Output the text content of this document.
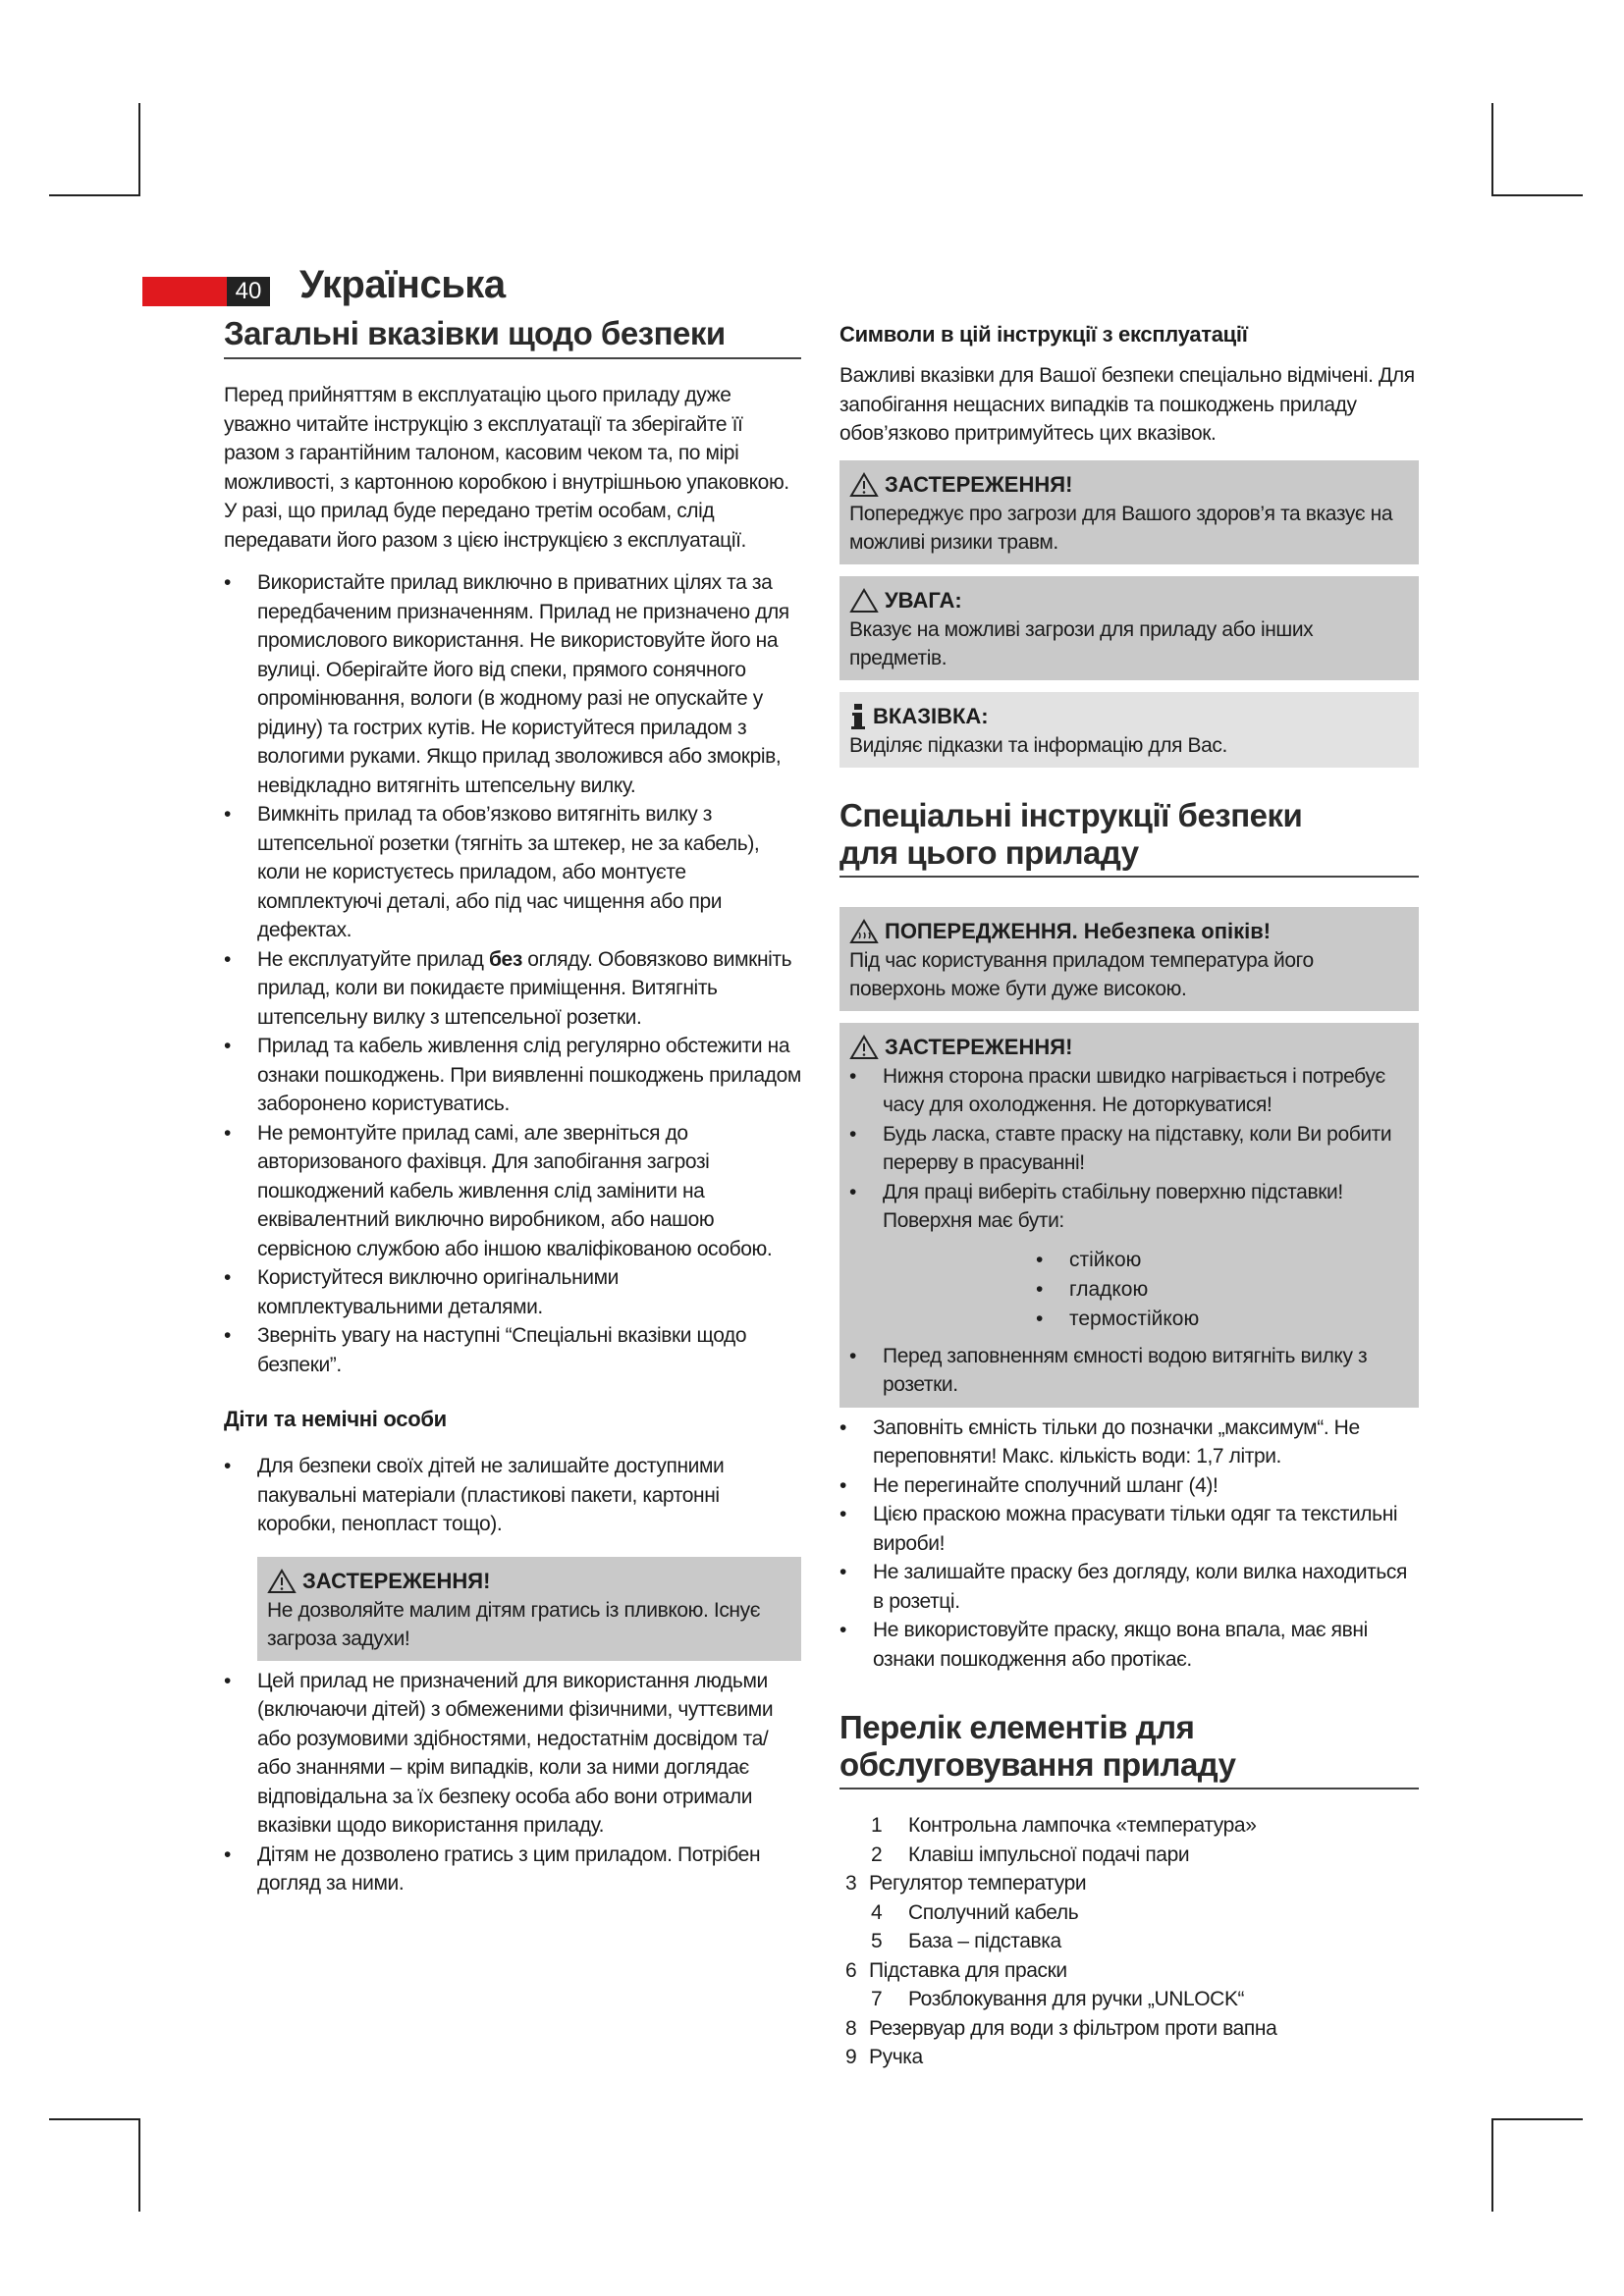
40 Українська
Загальні вказівки щодо безпеки

Перед прийняттям в експлуатацію цього приладу дуже уважно читайте інструкцію з експлуатації та зберігайте її разом з гарантійним талоном, касовим чеком та, по мірі можливості, з картонною коробкою і внутрішньою упаковкою. У разі, що прилад буде передано третім особам, слід передавати його разом з цією інструкцією з експлуатації.

• Використайте прилад виключно в приватних цілях та за передбаченим призначенням. Прилад не призначено для промислового використання. Не використовуйте його на вулиці. Оберігайте його від спеки, прямого сонячного опромінювання, вологи (в жодному разі не опускайте у рідину) та гострих кутів. Не користуйтеся приладом з вологими руками. Якщо прилад зволожився або змокрів, невідкладно витягніть штепсельну вилку.
• Вимкніть прилад та обов’язково витягніть вилку з штепсельної розетки (тягніть за штекер, не за кабель), коли не користуєтесь приладом, або монтуєте комплектуючі деталі, або під час чищення або при дефектах.
• Не експлуатуйте прилад без огляду. Обовязково вимкніть прилад, коли ви покидаєте приміщення. Витягніть штепсельну вилку з штепсельної розетки.
• Прилад та кабель живлення слід регулярно обстежити на ознаки пошкоджень. При виявленні пошкоджень приладом заборонено користуватись.
• Не ремонтуйте прилад самі, але зверніться до авторизованого фахівця. Для запобігання загрозі пошкоджений кабель живлення слід замінити на еквівалентний виключно виробником, або нашою сервісною службою або іншою кваліфікованою особою.
• Користуйтеся виключно оригінальними комплектувальними деталями.
• Зверніть увагу на наступні “Спеціальні вказівки щодо безпеки”.
Діти та немічні особи
• Для безпеки своїх дітей не залишайте доступними пакувальні матеріали (пластикові пакети, картонні коробки, пенопласт тощо).
ЗАСТЕРЕЖЕННЯ!

Не дозволяйте малим дітям гратись із пливкою. Існує загроза задухи!

• Цей прилад не призначений для використання людьми (включаючи дітей) з обмеженими фізичними, чуттєвими або розумовими здібностями, недостатнім досвідом та/або знаннями – крім випадків, коли за ними доглядає відповідальна за їх безпеку особа або вони отримали вказівки щодо використання приладу.
• Дітям не дозволено гратись з цим приладом. Потрібен догляд за ними.
Символи в цій інструкції з експлуатації

Важливі вказівки для Вашої безпеки спеціально відмічені. Для запобігання нещасних випадків та пошкоджень приладу обов’язково притримуйтесь цих вказівок.

ЗАСТЕРЕЖЕННЯ!

Попереджує про загрози для Вашого здоров’я та вказує на можливі ризики травм.

УВАГА:

Вказує на можливі загрози для приладу або інших предметів.

ВКАЗІВКА:

Виділяє підказки та інформацію для Вас.

Спеціальні інструкції безпеки
для цього приладу
ПОПЕРЕДЖЕННЯ. Небезпека опіків!

Під час користування приладом температура його поверхонь може бути дуже високою.

ЗАСТЕРЕЖЕННЯ!
• Нижня сторона праски швидко нагрівається і потребує часу для охолодження. Не доторкуватися!
• Будь ласка, ставте праску на підставку, коли Ви робити перерву в прасуванні!
• Для праці виберіть стабільну поверхню підставки! Поверхня має бути:
• стійкою
• гладкою
• термостійкою
• Перед заповненням ємності водою витягніть вилку з розетки.
• Заповніть ємність тільки до позначки „максимум“. Не переповняти! Макс. кількість води: 1,7 літри.
• Не перегинайте сполучний шланг (4)!
• Цією праскою можна прасувати тільки одяг та текстильні вироби!
• Не залишайте праску без догляду, коли вилка находиться в розетці.
• Не використовуйте праску, якщо вона впала, має явні ознаки пошкодження або протікає.
Перелік елементів для
обслуговування приладу
1	Контрольна лампочка «температура»
2	Клавіш імпульсної подачі пари
3 Регулятор температури
4	Сполучний кабель
5	База – підставка
6 Підставка для праски
7	Розблокування для ручки „UNLOCK“
8 Резервуар для води з фільтром проти вапна
9 Ручка
